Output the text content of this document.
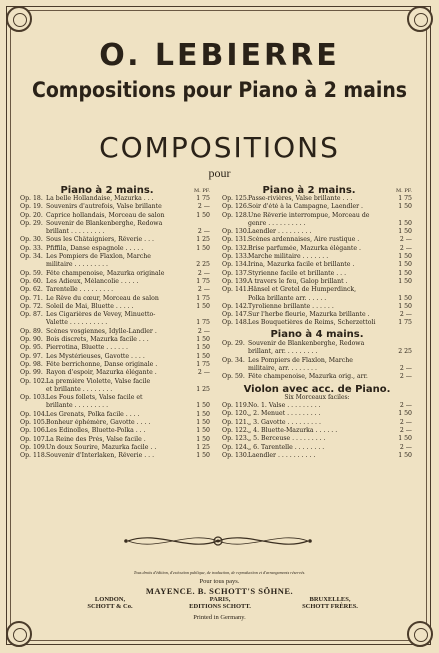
O. LEBIERRE
Compositions pour Piano à 2 mains
COMPOSITIONS
pour
Piano à 2 mains.	M. PF.
Op. 18. La belle Hollandaise, Mazurka . . .	1 75
Op. 19. Souvenirs d'autrefois, Valse brillante	2 —
Op. 20. Caprice hollandais, Morceau de salon	1 50
Op. 29. Souvenir de Blankenberghe, Redowa
brillant . . . . . . . . .	2 —
Op. 30. Sous les Châtaigniers, Rêverie . . .	1 25
Op. 33. Pfiffila, Danse espagnole . . . . .	1 50
Op. 34. Les Pompiers de Flaxlon, Marche
militaire . . . . . . . . .	2 25
Op. 59. Fête champenoise, Mazurka originale	2 —
Op. 60. Les Adieux, Mélancolie . . . . .	1 75
Op. 62. Tarentelle . . . . . . . . .	2 —
Op. 71. Le Rêve du cœur, Morceau de salon	1 75
Op. 72. Soleil de Mai, Bluette . . . . .	1 50
Op. 87. Les Cigarières de Vevey, Minuetto-
Valette . . . . . . . . . .	1 75
Op. 89. Scènes vosgiennes, Idylle-Landler .	2 —
Op. 90. Bois discrets, Mazurka facile . . .	1 50
Op. 95. Pierrotina, Bluette . . . . . .	1 50
Op. 97. Les Mystérieuses, Gavotte . . . .	1 50
Op. 98. Fête berrichonne, Danse originale .	1 75
Op. 99. Rayon d'espoir, Mazurka élégante .	2 —
Op. 102. La première Violette, Valse facile
et brillante . . . . . . . .	1 25
Op. 103. Les Fous follets, Valse facile et
brillante . . . . . . . . .	1 50
Op. 104. Les Grenats, Polka facile . . . .	1 50
Op. 105. Bonheur éphémère, Gavotte . . . .	1 50
Op. 106. Les Edinolles, Bluette-Polka . . .	1 50
Op. 107. La Reine des Prés, Valse facile .	1 50
Op. 109. Un doux Sourire, Mazurka facile . .	1 25
Op. 118. Souvenir d'Interlaken, Rêverie . . .	1 50
Piano à 2 mains.	M. PF.
Op. 125. Passe-rivières, Valse brillante . . .	1 75
Op. 126. Soir d'été à la Campagne, Laendler .	1 50
Op. 128. Une Rêverie interrompue, Morceau de
genre . . . . . . . . . .	1 50
Op. 130. Laendler . . . . . . . . .	1 50
Op. 131. Scènes ardennaises, Aire rustique .	2 —
Op. 132. Brise parfumée, Mazurka élégante .	2 —
Op. 133. Marche militaire . . . . . . .	1 50
Op. 134. Irina, Mazurka facile et brillante .	1 50
Op. 137. Styrienne facile et brillante . . .	1 50
Op. 139. A travers le feu, Galop brillant .	1 50
Op. 141. Hänsel et Gretel de Humperdinck,
Polka brillante arr. . . . . .	1 50
Op. 142. Tyrolienne brillante . . . . . .	1 50
Op. 147. Sur l'herbe fleurie, Mazurka brillante .	2 —
Op. 148. Les Bouquetières de Reims, Scherzettoli	1 75
Piano à 4 mains.
Op. 29. Souvenir de Blankenberghe, Redowa
brillant, arr. . . . . . . . .	2 25
Op. 34. Les Pompiers de Flaxlon, Marche
militaire, arr. . . . . . . .	2 —
Op. 59. Fête champenoise, Mazurka orig., arr.	2 —
Violon avec acc. de Piano.
Six Morceaux faciles:
Op. 119. No. 1. Valse . . . . . . . . .	2 —
Op. 120. „ 2. Menuet . . . . . . . . .	1 50
Op. 121. „ 3. Gavotte . . . . . . . . .	2 —
Op. 122. „ 4. Bluette-Mazurka . . . . . .	2 —
Op. 123. „ 5. Berceuse . . . . . . . . .	1 50
Op. 124. „ 6. Tarentelle . . . . . . . .	2 —
Op. 130. Laendler . . . . . . . . . .	1 50
Tous droits d'édition, d'exécution publique, de traduction, de reproduction et d'arrangements réservés.
Pour tous pays.
MAYENCE. B. SCHOTT'S SÖHNE.
LONDON,
SCHOTT & Co.
PARIS,
EDITIONS SCHOTT.
BRUXELLES,
SCHOTT FRÈRES.
Printed in Germany.
